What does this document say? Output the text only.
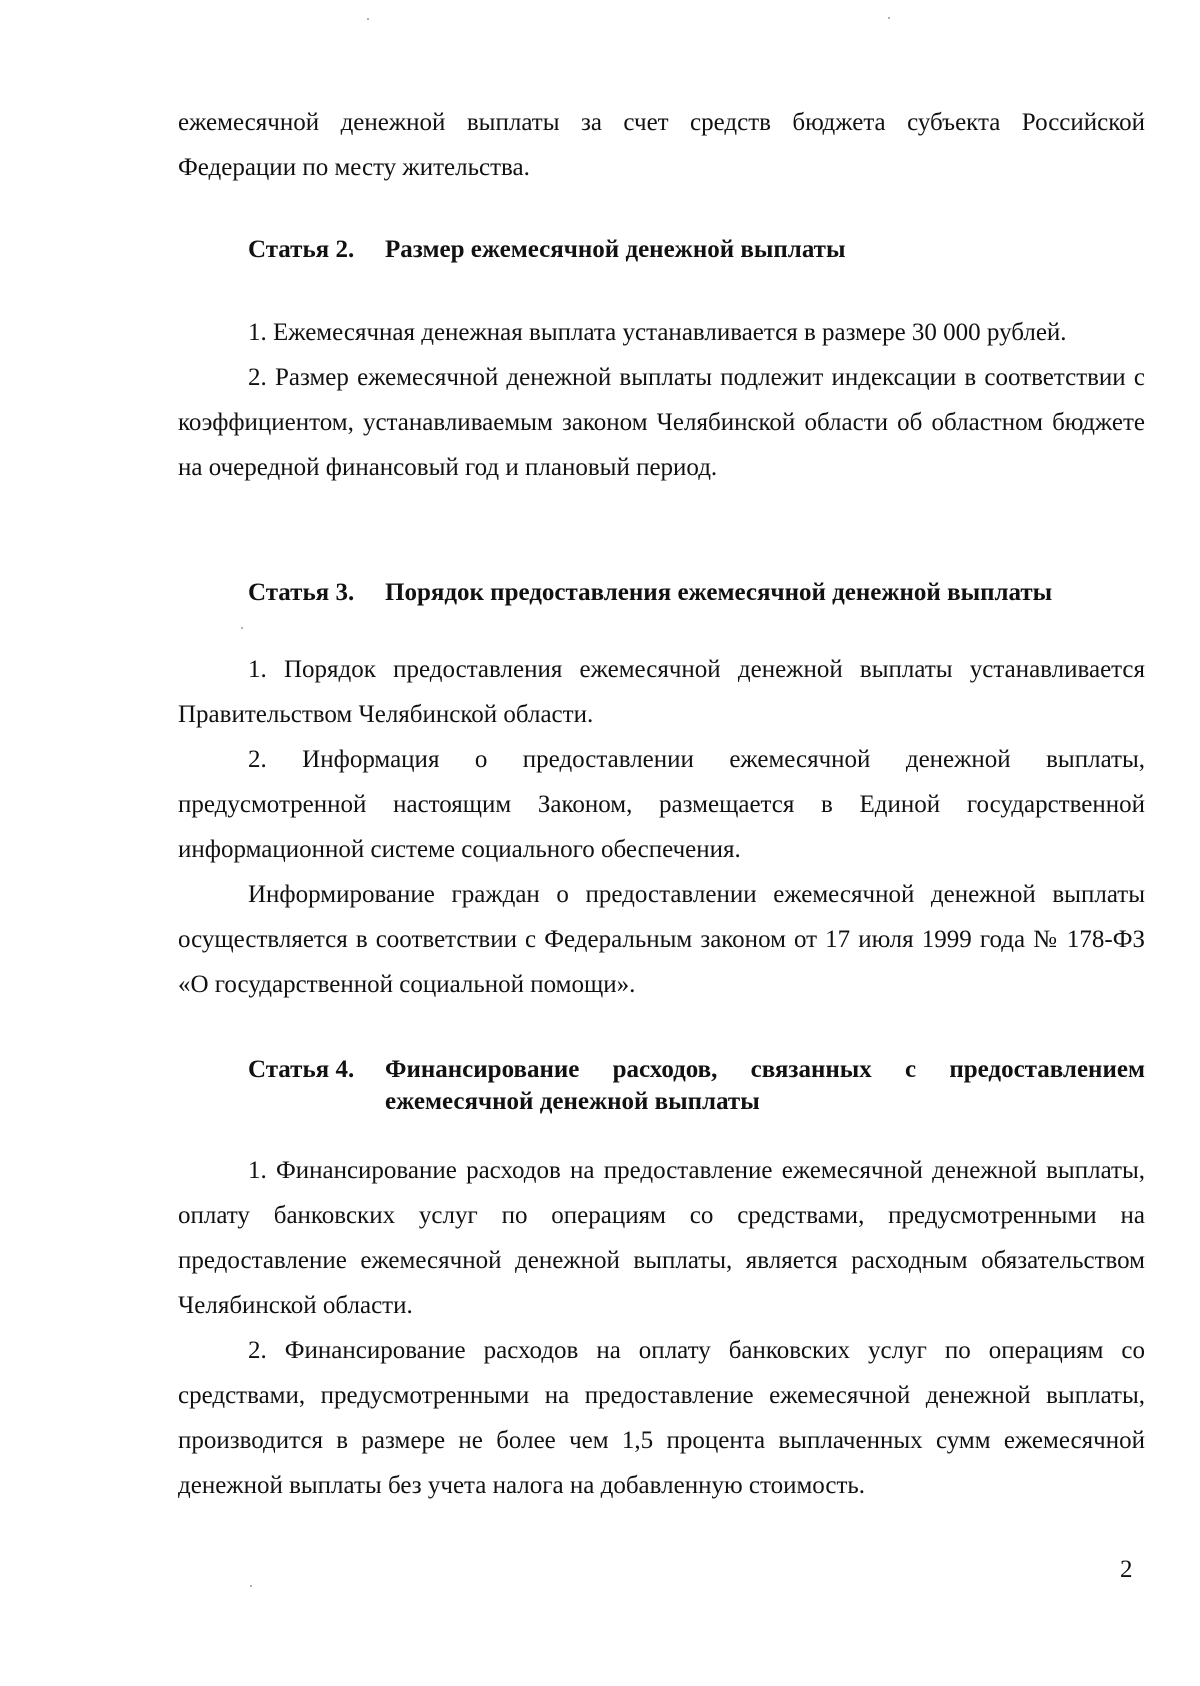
ежемесячной денежной выплаты за счет средств бюджета субъекта Российской Федерации по месту жительства.

Статья 2.	Размер ежемесячной денежной выплаты

1. Ежемесячная денежная выплата устанавливается в размере 30 000 рублей.

2. Размер ежемесячной денежной выплаты подлежит индексации в соответствии с коэффициентом, устанавливаемым законом Челябинской области об областном бюджете на очередной финансовый год и плановый период.

Статья 3.	Порядок предоставления ежемесячной денежной выплаты

1. Порядок предоставления ежемесячной денежной выплаты устанавливается Правительством Челябинской области.

2. Информация о предоставлении ежемесячной денежной выплаты, предусмотренной настоящим Законом, размещается в Единой государственной информационной системе социального обеспечения.

Информирование граждан о предоставлении ежемесячной денежной выплаты осуществляется в соответствии с Федеральным законом от 17 июля 1999 года № 178-ФЗ «О государственной социальной помощи».

Статья 4.	Финансирование расходов, связанных с предоставлением ежемесячной денежной выплаты

1. Финансирование расходов на предоставление ежемесячной денежной выплаты, оплату банковских услуг по операциям со средствами, предусмотренными на предоставление ежемесячной денежной выплаты, является расходным обязательством Челябинской области.

2. Финансирование расходов на оплату банковских услуг по операциям со средствами, предусмотренными на предоставление ежемесячной денежной выплаты, производится в размере не более чем 1,5 процента выплаченных сумм ежемесячной денежной выплаты без учета налога на добавленную стоимость.

2
